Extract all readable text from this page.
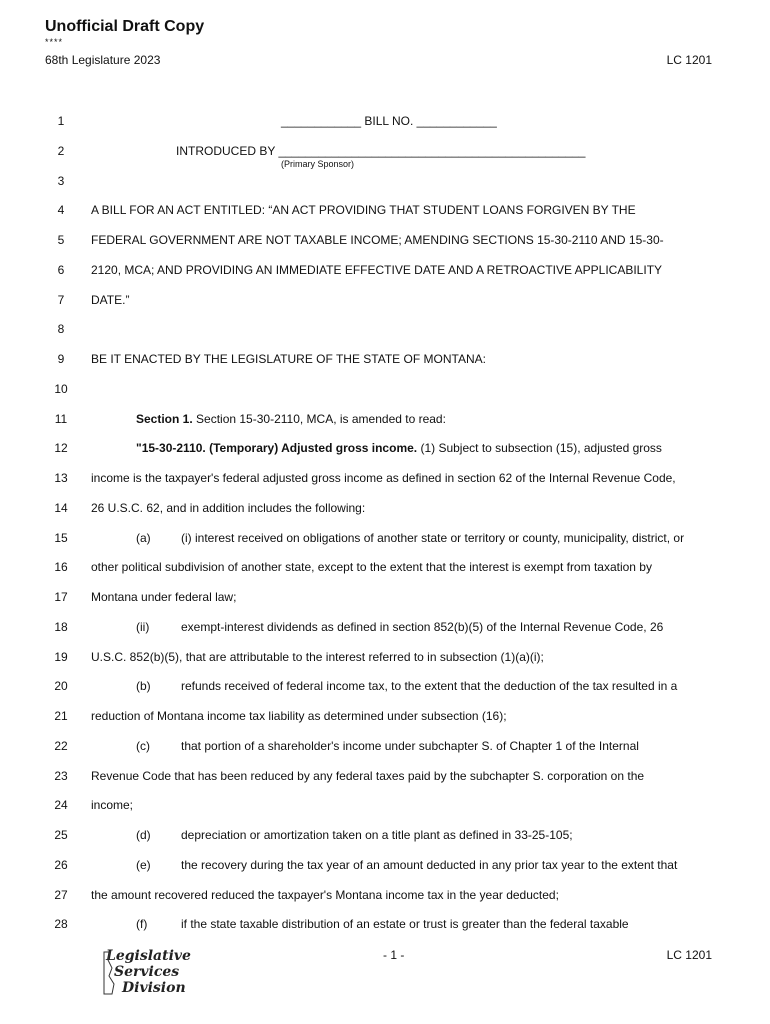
Unofficial Draft Copy
****
68th Legislature 2023	LC 1201
1	____________ BILL NO. ____________
2	INTRODUCED BY ______________________________________________
(Primary Sponsor)
3
4	A BILL FOR AN ACT ENTITLED: “AN ACT PROVIDING THAT STUDENT LOANS FORGIVEN BY THE
5	FEDERAL GOVERNMENT ARE NOT TAXABLE INCOME; AMENDING SECTIONS 15-30-2110 AND 15-30-
6	2120, MCA; AND PROVIDING AN IMMEDIATE EFFECTIVE DATE AND A RETROACTIVE APPLICABILITY
7	DATE.”
8
9	BE IT ENACTED BY THE LEGISLATURE OF THE STATE OF MONTANA:
10
11	Section 1. Section 15-30-2110, MCA, is amended to read:
12	"15-30-2110. (Temporary) Adjusted gross income. (1) Subject to subsection (15), adjusted gross
13	income is the taxpayer's federal adjusted gross income as defined in section 62 of the Internal Revenue Code,
14	26 U.S.C. 62, and in addition includes the following:
15	(a)	(i) interest received on obligations of another state or territory or county, municipality, district, or
16	other political subdivision of another state, except to the extent that the interest is exempt from taxation by
17	Montana under federal law;
18	(ii)	exempt-interest dividends as defined in section 852(b)(5) of the Internal Revenue Code, 26
19	U.S.C. 852(b)(5), that are attributable to the interest referred to in subsection (1)(a)(i);
20	(b)	refunds received of federal income tax, to the extent that the deduction of the tax resulted in a
21	reduction of Montana income tax liability as determined under subsection (16);
22	(c)	that portion of a shareholder's income under subchapter S. of Chapter 1 of the Internal
23	Revenue Code that has been reduced by any federal taxes paid by the subchapter S. corporation on the
24	income;
25	(d)	depreciation or amortization taken on a title plant as defined in 33-25-105;
26	(e)	the recovery during the tax year of an amount deducted in any prior tax year to the extent that
27	the amount recovered reduced the taxpayer's Montana income tax in the year deducted;
28	(f)	if the state taxable distribution of an estate or trust is greater than the federal taxable
Legislative
Services
Division
- 1 -	LC 1201
